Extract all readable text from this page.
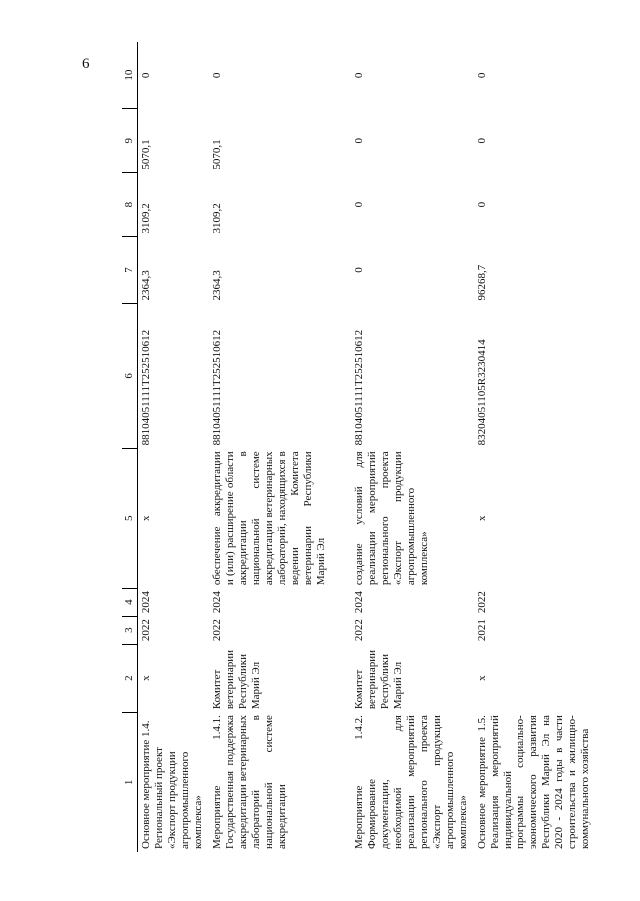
6
1	2	3	4	5	6	7	8	9	10
Основное мероприятие 1.4. Региональный проект «Экспорт продукции агропромышленного комплекса»	х	2022	2024	х	88104051111Т252510612	2364,3	3109,2	5070,1	0
Мероприятие 1.4.1. Государственная поддержка аккредитации ветеринарных лабораторий в национальной системе аккредитации	Комитет ветеринарии Республики Марий Эл	2022	2024	обеспечение аккредитации и (или) расширение области аккредитации в национальной системе аккредитации ветеринарных лабораторий, находящихся в ведении Комитета ветеринарии Республики Марий Эл	88104051111Т252510612	2364,3	3109,2	5070,1	0
Мероприятие 1.4.2. Формирование документации, необходимой для реализации мероприятий регионального проекта «Экспорт продукции агропромышленного комплекса»	Комитет ветеринарии Республики Марий Эл	2022	2024	создание условий для реализации мероприятий регионального проекта «Экспорт продукции агропромышленного комплекса»	88104051111Т252510612	0	0	0	0
Основное мероприятие 1.5. Реализация мероприятий индивидуальной программы социально-экономического развития Республики Марий Эл на 2020 - 2024 годы в части строительства и жилищно-коммунального хозяйства	х	2021	2022	х	83204051105R3230414	96268,7	0	0	0
